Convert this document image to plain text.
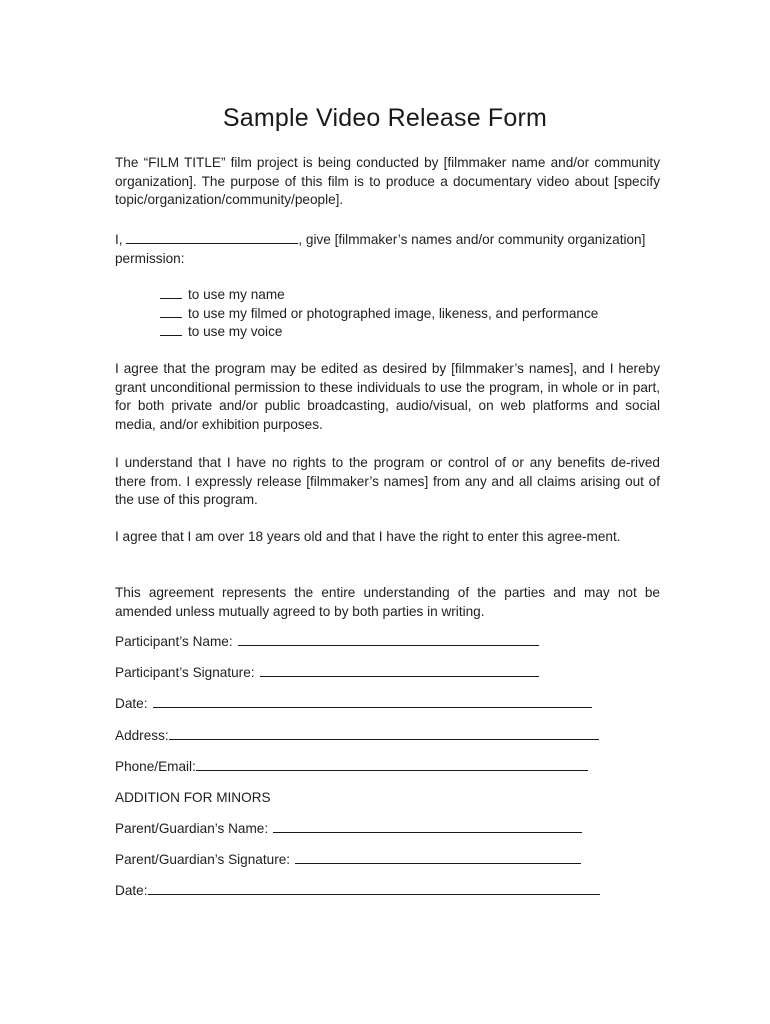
Sample Video Release Form

The “FILM TITLE” film project is being conducted by [filmmaker name and/or community organization]. The purpose of this film is to produce a documentary video about [specify topic/organization/community/people].

I,	, give [filmmaker’s names and/or community organization] permission:

to use my name
to use my filmed or photographed image, likeness, and performance
to use my voice

I agree that the program may be edited as desired by [filmmaker’s names], and I hereby grant unconditional permission to these individuals to use the program, in whole or in part, for both private and/or public broadcasting, audio/visual, on web platforms and social media, and/or exhibition purposes.

I understand that I have no rights to the program or control of or any benefits de-rived there from. I expressly release [filmmaker’s names] from any and all claims arising out of the use of this program.

I agree that I am over 18 years old and that I have the right to enter this agree-ment.

This agreement represents the entire understanding of the parties and may not be amended unless mutually agreed to by both parties in writing.

Participant’s Name:
Participant’s Signature:
Date:
Address:
Phone/Email:
ADDITION FOR MINORS
Parent/Guardian’s Name:
Parent/Guardian’s Signature:
Date:
